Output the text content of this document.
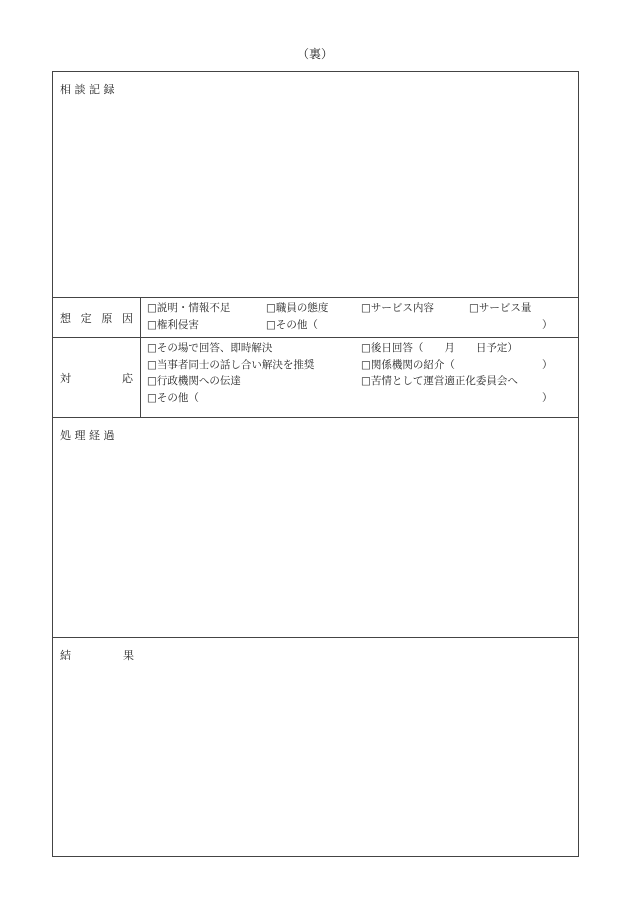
（裏）
相 談 記 録
想 定 原 因
□説明・情報不足	□職員の態度	□サービス内容	□サービス量
□権利侵害	□その他（	）
対	応
□その場で回答、即時解決	□後日回答（　　月　　日予定）
□当事者同士の話し合い解決を推奨	□関係機関の紹介（	）
□行政機関への伝達	□苦情として運営適正化委員会へ
□その他（	）
処 理 経 過
結	果
